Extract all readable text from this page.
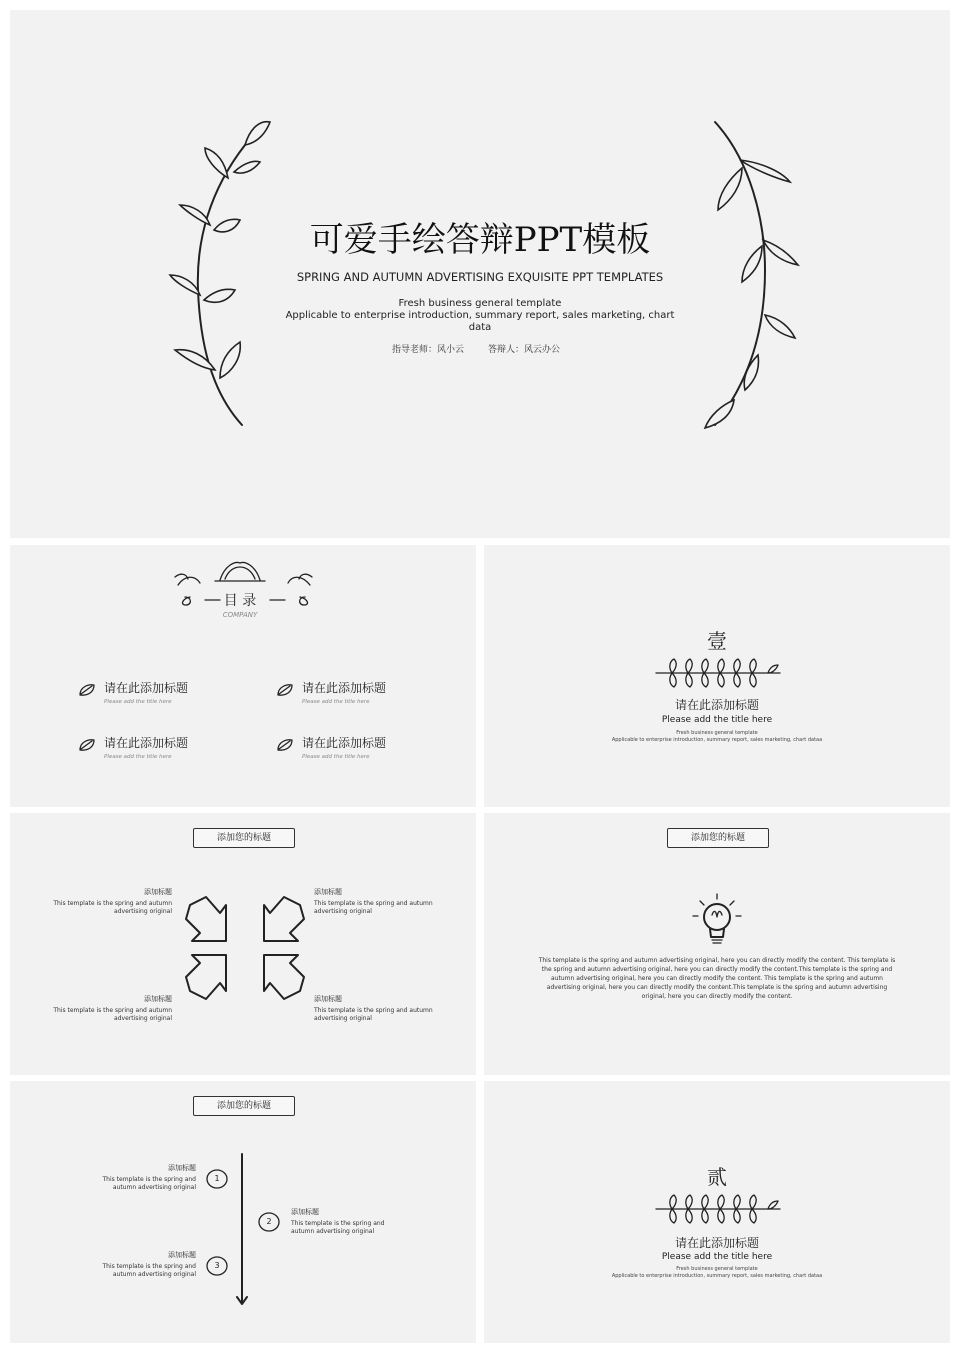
可爱手绘答辩PPT模板
SPRING AND AUTUMN ADVERTISING EXQUISITE PPT TEMPLATES
Fresh business general template
Applicable to enterprise introduction, summary report, sales marketing, chart
data
指导老师：风小云	答辩人：风云办公
目 录
COMPANY
请在此添加标题
Please add the title here
请在此添加标题
Please add the title here
请在此添加标题
Please add the title here
请在此添加标题
Please add the title here
壹
请在此添加标题
Please add the title here
Fresh business general template
Applicable to enterprise introduction, summary report, sales marketing, chart dataa
添加您的标题
添加标题
This template is the spring and autumn
advertising original
添加标题
This template is the spring and autumn
advertising original
添加标题
This template is the spring and autumn
advertising original
添加标题
This template is the spring and autumn
advertising original
添加您的标题
This template is the spring and autumn advertising original, here you can directly modify the content. This template is
the spring and autumn advertising original, here you can directly modify the content.This template is the spring and
autumn advertising original, here you can directly modify the content. This template is the spring and autumn
advertising original, here you can directly modify the content.This template is the spring and autumn advertising
original, here you can directly modify the content.
添加您的标题
1
2
3
添加标题
This template is the spring and
autumn advertising original
添加标题
This template is the spring and
autumn advertising original
添加标题
This template is the spring and
autumn advertising original
贰
请在此添加标题
Please add the title here
Fresh business general template
Applicable to enterprise introduction, summary report, sales marketing, chart dataa
